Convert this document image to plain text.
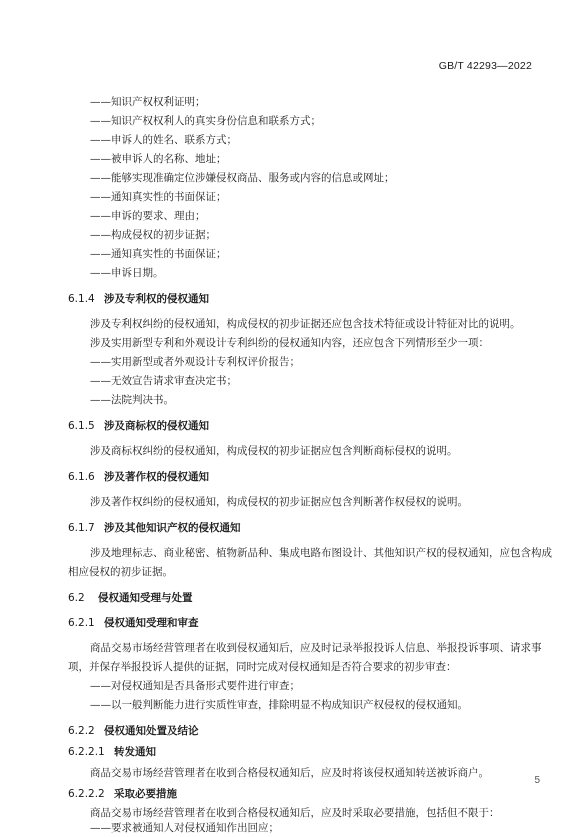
GB/T 42293—2022
——知识产权权利证明；
——知识产权权利人的真实身份信息和联系方式；
——申诉人的姓名、联系方式；
——被申诉人的名称、地址；
——能够实现准确定位涉嫌侵权商品、服务或内容的信息或网址；
——通知真实性的书面保证；
——申诉的要求、理由；
——构成侵权的初步证据；
——通知真实性的书面保证；
——申诉日期。
6.1.4 涉及专利权的侵权通知
涉及专利权纠纷的侵权通知，构成侵权的初步证据还应包含技术特征或设计特征对比的说明。
涉及实用新型专利和外观设计专利纠纷的侵权通知内容，还应包含下列情形至少一项：
——实用新型或者外观设计专利权评价报告；
——无效宣告请求审查决定书；
——法院判决书。
6.1.5 涉及商标权的侵权通知
涉及商标权纠纷的侵权通知，构成侵权的初步证据应包含判断商标侵权的说明。
6.1.6 涉及著作权的侵权通知
涉及著作权纠纷的侵权通知，构成侵权的初步证据应包含判断著作权侵权的说明。
6.1.7 涉及其他知识产权的侵权通知
涉及地理标志、商业秘密、植物新品种、集成电路布图设计、其他知识产权的侵权通知，应包含构成
相应侵权的初步证据。
6.2 侵权通知受理与处置
6.2.1 侵权通知受理和审查
商品交易市场经营管理者在收到侵权通知后，应及时记录举报投诉人信息、举报投诉事项、请求事
项，并保存举报投诉人提供的证据，同时完成对侵权通知是否符合要求的初步审查：
——对侵权通知是否具备形式要件进行审查；
——以一般判断能力进行实质性审查，排除明显不构成知识产权侵权的侵权通知。
6.2.2 侵权通知处置及结论
6.2.2.1 转发通知
商品交易市场经营管理者在收到合格侵权通知后，应及时将该侵权通知转送被诉商户。
6.2.2.2 采取必要措施
商品交易市场经营管理者在收到合格侵权通知后，应及时采取必要措施，包括但不限于：
——要求被通知人对侵权通知作出回应；
5
